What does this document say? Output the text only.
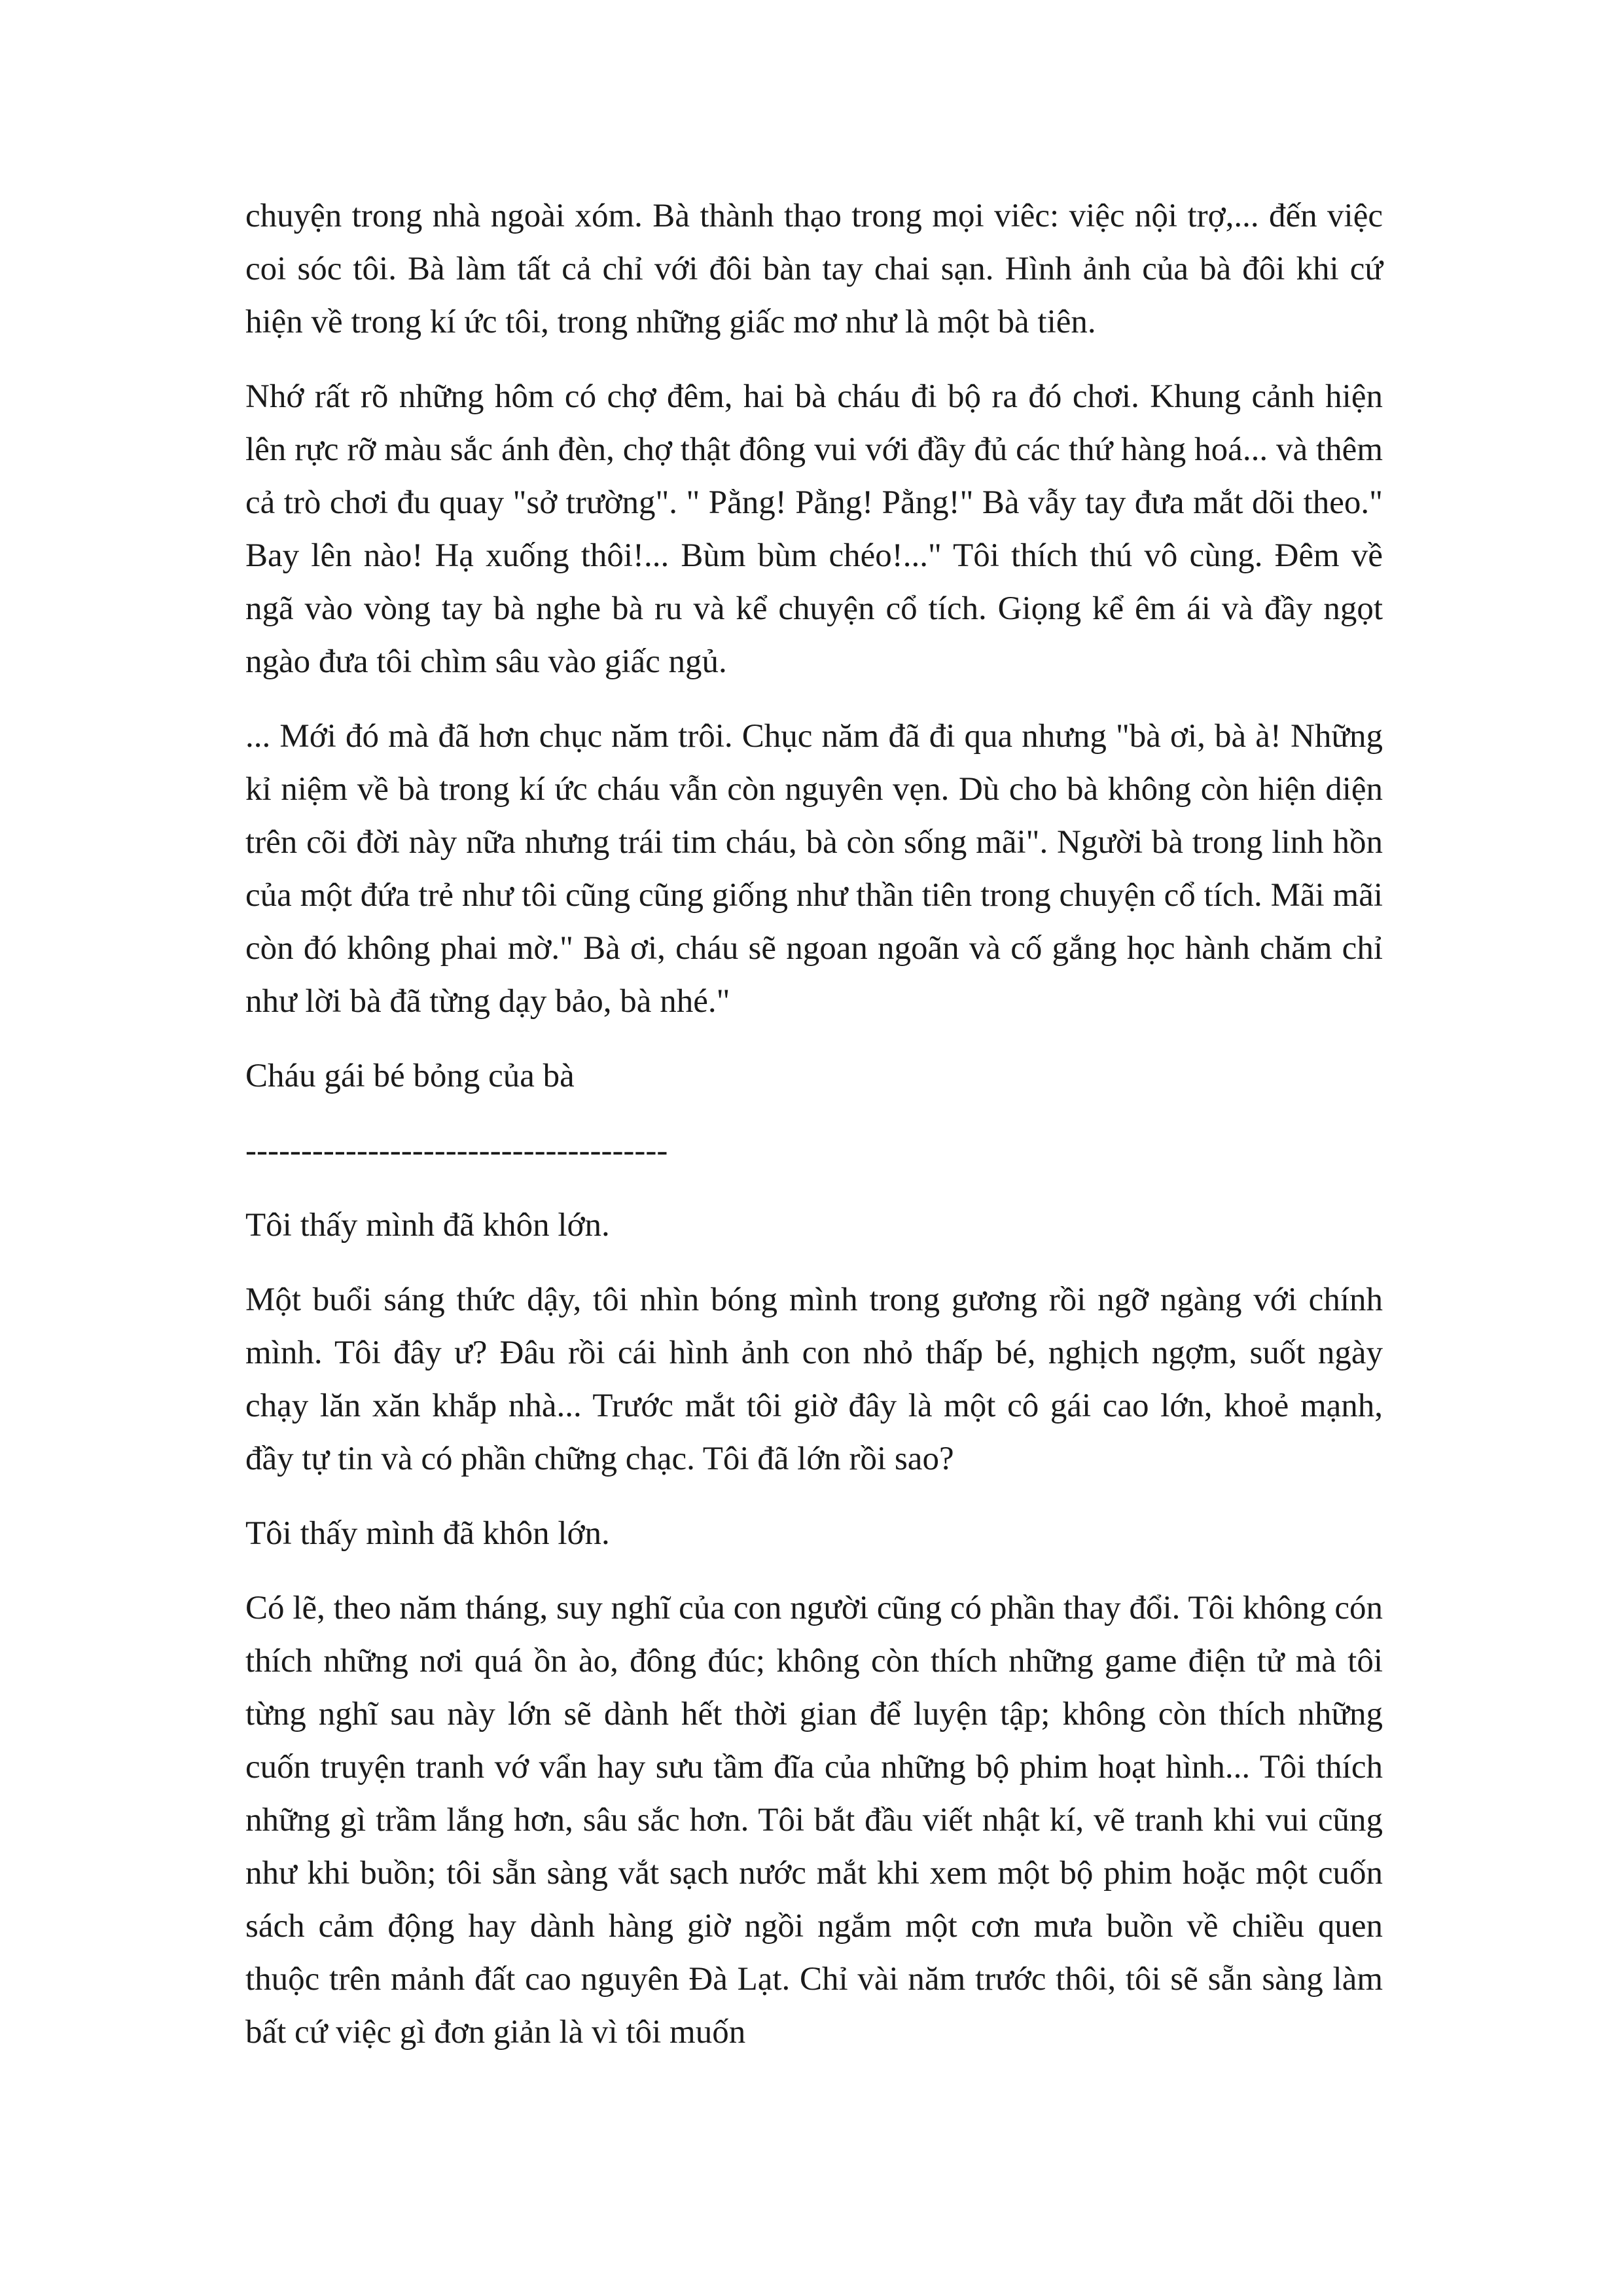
chuyện trong nhà ngoài xóm. Bà thành thạo trong mọi viêc: việc nội trợ,... đến việc coi sóc tôi. Bà làm tất cả chỉ với đôi bàn tay chai sạn. Hình ảnh của bà đôi khi cứ hiện về trong kí ức tôi, trong những giấc mơ như là một bà tiên.

Nhớ rất rõ những hôm có chợ đêm, hai bà cháu đi bộ ra đó chơi. Khung cảnh hiện lên rực rỡ màu sắc ánh đèn, chợ thật đông vui với đầy đủ các thứ hàng hoá... và thêm cả trò chơi đu quay "sở trường". " Pằng! Pằng! Pằng!" Bà vẫy tay đưa mắt dõi theo." Bay lên nào! Hạ xuống thôi!... Bùm bùm chéo!..." Tôi thích thú vô cùng. Đêm về ngã vào vòng tay bà nghe bà ru và kể chuyện cổ tích. Giọng kể êm ái và đầy ngọt ngào đưa tôi chìm sâu vào giấc ngủ.

... Mới đó mà đã hơn chục năm trôi. Chục năm đã đi qua nhưng "bà ơi, bà à! Những kỉ niệm về bà trong kí ức cháu vẫn còn nguyên vẹn. Dù cho bà không còn hiện diện trên cõi đời này nữa nhưng trái tim cháu, bà còn sống mãi". Người bà trong linh hồn của một đứa trẻ như tôi cũng cũng giống như thần tiên trong chuyện cổ tích. Mãi mãi còn đó không phai mờ." Bà ơi, cháu sẽ ngoan ngoãn và cố gắng học hành chăm chỉ như lời bà đã từng dạy bảo, bà nhé."

Cháu gái bé bỏng của bà

--------------------------------------

Tôi thấy mình đã khôn lớn.

Một buổi sáng thức dậy, tôi nhìn bóng mình trong gương rồi ngỡ ngàng với chính mình. Tôi đây ư? Đâu rồi cái hình ảnh con nhỏ thấp bé, nghịch ngợm, suốt ngày chạy lăn xăn khắp nhà... Trước mắt tôi giờ đây là một cô gái cao lớn, khoẻ mạnh, đầy tự tin và có phần chững chạc. Tôi đã lớn rồi sao?

Tôi thấy mình đã khôn lớn.

Có lẽ, theo năm tháng, suy nghĩ của con người cũng có phần thay đổi. Tôi không cón thích những nơi quá ồn ào, đông đúc; không còn thích những game điện tử mà tôi từng nghĩ sau này lớn sẽ dành hết thời gian để luyện tập; không còn thích những cuốn truyện tranh vớ vẩn hay sưu tầm đĩa của những bộ phim hoạt hình... Tôi thích những gì trầm lắng hơn, sâu sắc hơn. Tôi bắt đầu viết nhật kí, vẽ tranh khi vui cũng như khi buồn; tôi sẵn sàng vắt sạch nước mắt khi xem một bộ phim hoặc một cuốn sách cảm động hay dành hàng giờ ngồi ngắm một cơn mưa buồn về chiều quen thuộc trên mảnh đất cao nguyên Đà Lạt. Chỉ vài năm trước thôi, tôi sẽ sẵn sàng làm bất cứ việc gì đơn giản là vì tôi muốn
